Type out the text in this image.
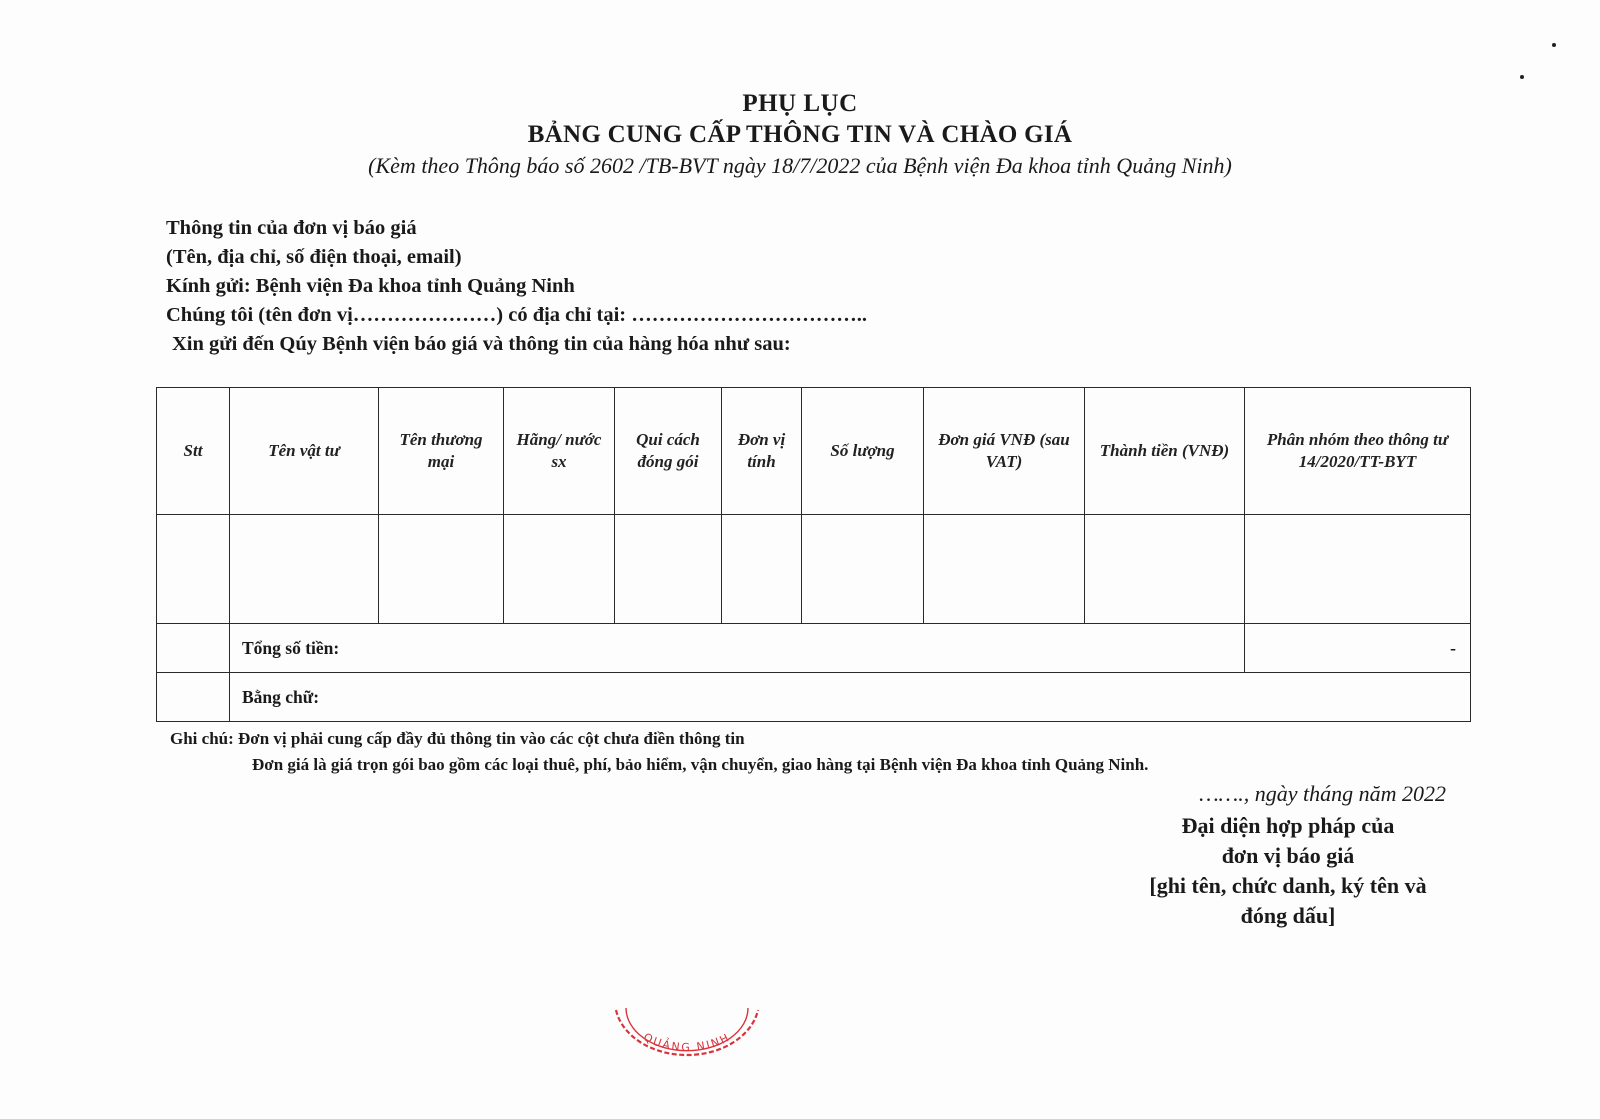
PHỤ LỤC
BẢNG CUNG CẤP THÔNG TIN VÀ CHÀO GIÁ
(Kèm theo Thông báo số 2602 /TB-BVT ngày 18/7/2022 của Bệnh viện Đa khoa tỉnh Quảng Ninh)
Thông tin của đơn vị báo giá
(Tên, địa chỉ, số điện thoại, email)
Kính gửi: Bệnh viện Đa khoa tỉnh Quảng Ninh
Chúng tôi (tên đơn vị…………………) có địa chỉ tại: ……………………………..
Xin gửi đến Qúy Bệnh viện báo giá và thông tin của hàng hóa như sau:
Stt	Tên vật tư	Tên thương mại	Hãng/ nước sx	Qui cách đóng gói	Đơn vị tính	Số lượng	Đơn giá VNĐ (sau VAT)	Thành tiền (VNĐ)	Phân nhóm theo thông tư 14/2020/TT-BYT

	Tổng số tiền:								-
	Bằng chữ:								
Ghi chú: Đơn vị phải cung cấp đầy đủ thông tin vào các cột chưa điền thông tin
Đơn giá là giá trọn gói bao gồm các loại thuê, phí, bảo hiểm, vận chuyển, giao hàng tại Bệnh viện Đa khoa tỉnh Quảng Ninh.
……., ngày tháng năm 2022
Đại diện hợp pháp của
đơn vị báo giá
[ghi tên, chức danh, ký tên và
đóng dấu]
QUẢNG NINH
